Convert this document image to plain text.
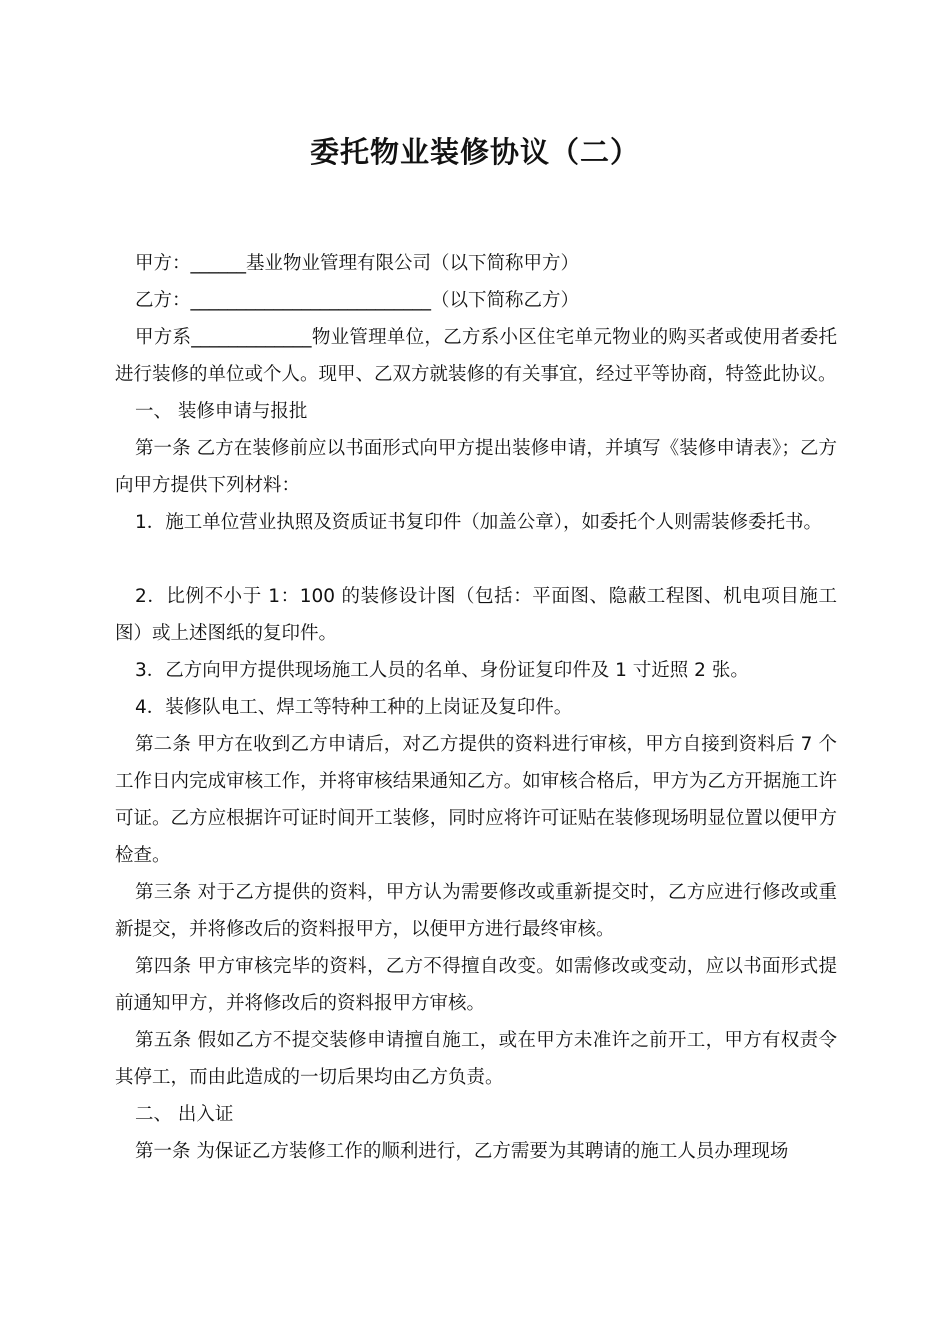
委托物业装修协议（二）

甲方：______基业物业管理有限公司（以下简称甲方）

乙方：__________________________（以下简称乙方）

甲方系_____________物业管理单位，乙方系小区住宅单元物业的购买者或使用者委托进行装修的单位或个人。现甲、乙双方就装修的有关事宜，经过平等协商，特签此协议。

一、 装修申请与报批

第一条 乙方在装修前应以书面形式向甲方提出装修申请，并填写《装修申请表》；乙方向甲方提供下列材料：

1．施工单位营业执照及资质证书复印件（加盖公章），如委托个人则需装修委托书。

2．比例不小于 1：100 的装修设计图（包括：平面图、隐蔽工程图、机电项目施工图）或上述图纸的复印件。

3．乙方向甲方提供现场施工人员的名单、身份证复印件及 1 寸近照 2 张。

4．装修队电工、焊工等特种工种的上岗证及复印件。

第二条 甲方在收到乙方申请后，对乙方提供的资料进行审核，甲方自接到资料后 7 个工作日内完成审核工作，并将审核结果通知乙方。如审核合格后，甲方为乙方开据施工许可证。乙方应根据许可证时间开工装修，同时应将许可证贴在装修现场明显位置以便甲方检查。

第三条 对于乙方提供的资料，甲方认为需要修改或重新提交时，乙方应进行修改或重新提交，并将修改后的资料报甲方，以便甲方进行最终审核。

第四条 甲方审核完毕的资料，乙方不得擅自改变。如需修改或变动，应以书面形式提前通知甲方，并将修改后的资料报甲方审核。

第五条 假如乙方不提交装修申请擅自施工，或在甲方未准许之前开工，甲方有权责令其停工，而由此造成的一切后果均由乙方负责。

二、 出入证

第一条 为保证乙方装修工作的顺利进行，乙方需要为其聘请的施工人员办理现场
